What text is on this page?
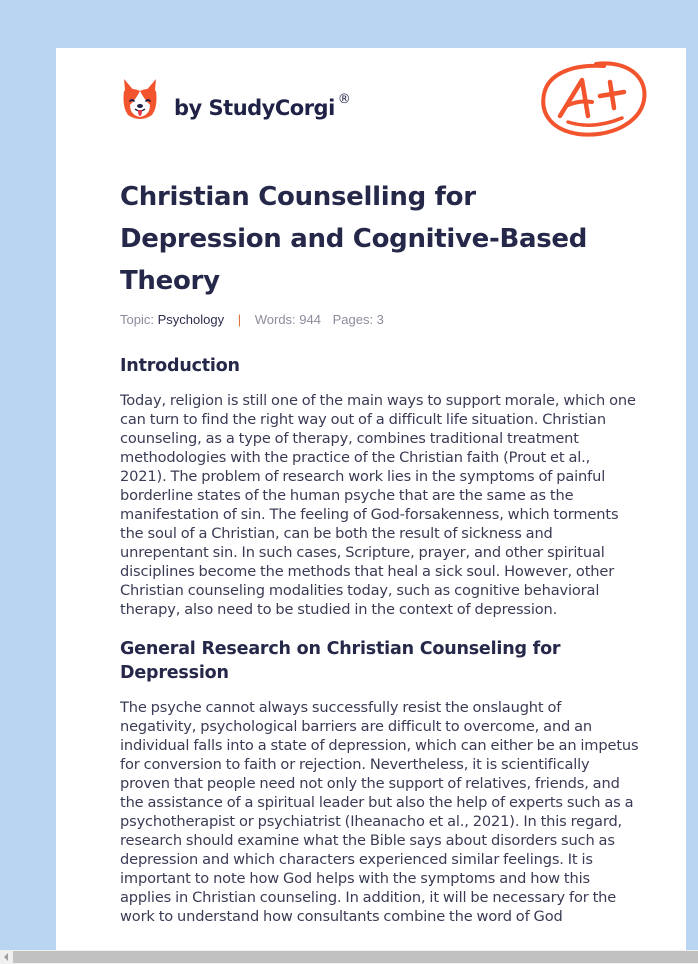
by StudyCorgi ®
Christian Counselling for Depression and Cognitive-Based Theory
Topic: Psychology | Words: 944 Pages: 3
Introduction

Today, religion is still one of the main ways to support morale, which one can turn to find the right way out of a difficult life situation. Christian counseling, as a type of therapy, combines traditional treatment methodologies with the practice of the Christian faith (Prout et al., 2021). The problem of research work lies in the symptoms of painful borderline states of the human psyche that are the same as the manifestation of sin. The feeling of God-forsakenness, which torments the soul of a Christian, can be both the result of sickness and unrepentant sin. In such cases, Scripture, prayer, and other spiritual disciplines become the methods that heal a sick soul. However, other Christian counseling modalities today, such as cognitive behavioral therapy, also need to be studied in the context of depression.

General Research on Christian Counseling for Depression

The psyche cannot always successfully resist the onslaught of negativity, psychological barriers are difficult to overcome, and an individual falls into a state of depression, which can either be an impetus for conversion to faith or rejection. Nevertheless, it is scientifically proven that people need not only the support of relatives, friends, and the assistance of a spiritual leader but also the help of experts such as a psychotherapist or psychiatrist (Iheanacho et al., 2021). In this regard, research should examine what the Bible says about disorders such as depression and which characters experienced similar feelings. It is important to note how God helps with the symptoms and how this applies in Christian counseling. In addition, it will be necessary for the work to understand how consultants combine the word of God
